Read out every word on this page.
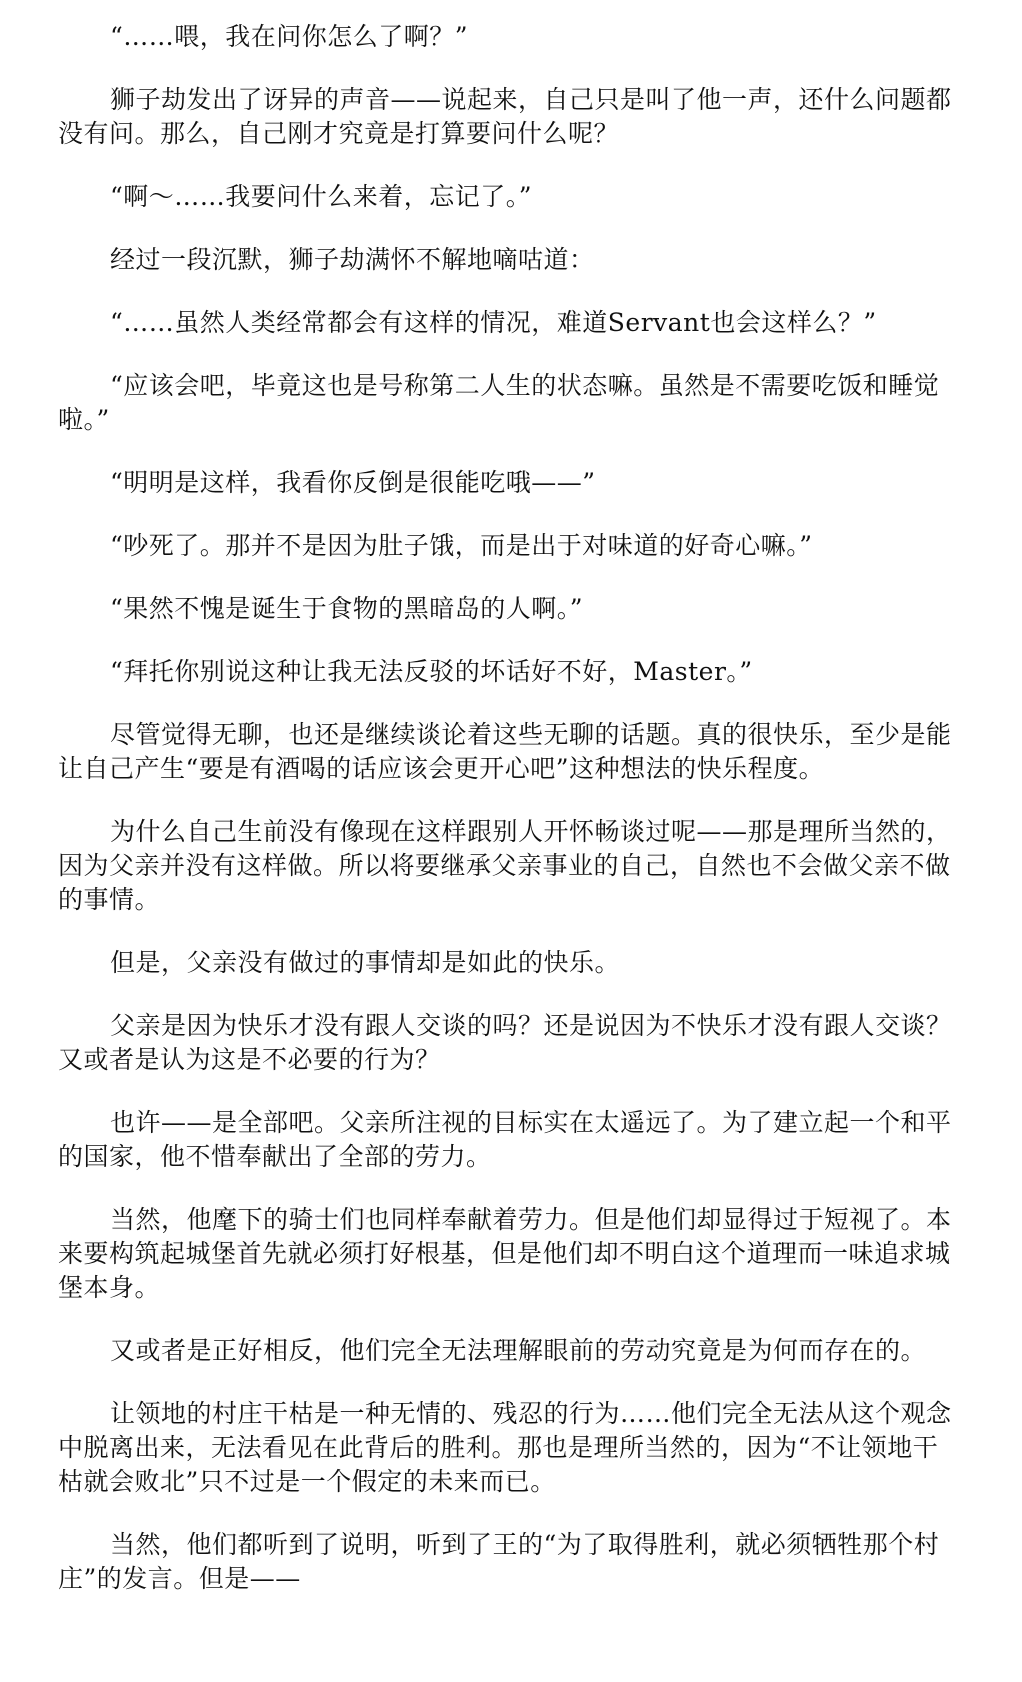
“……喂，我在问你怎么了啊？”

狮子劫发出了讶异的声音——说起来，自己只是叫了他一声，还什么问题都没有问。那么，自己刚才究竟是打算要问什么呢？

“啊～……我要问什么来着，忘记了。”

经过一段沉默，狮子劫满怀不解地嘀咕道：

“……虽然人类经常都会有这样的情况，难道Servant也会这样么？”

“应该会吧，毕竟这也是号称第二人生的状态嘛。虽然是不需要吃饭和睡觉啦。”

“明明是这样，我看你反倒是很能吃哦——”

“吵死了。那并不是因为肚子饿，而是出于对味道的好奇心嘛。”

“果然不愧是诞生于食物的黑暗岛的人啊。”

“拜托你别说这种让我无法反驳的坏话好不好，Master。”

尽管觉得无聊，也还是继续谈论着这些无聊的话题。真的很快乐，至少是能让自己产生“要是有酒喝的话应该会更开心吧”这种想法的快乐程度。

为什么自己生前没有像现在这样跟别人开怀畅谈过呢——那是理所当然的，因为父亲并没有这样做。所以将要继承父亲事业的自己，自然也不会做父亲不做的事情。

但是，父亲没有做过的事情却是如此的快乐。

父亲是因为快乐才没有跟人交谈的吗？还是说因为不快乐才没有跟人交谈？又或者是认为这是不必要的行为？

也许——是全部吧。父亲所注视的目标实在太遥远了。为了建立起一个和平的国家，他不惜奉献出了全部的劳力。

当然，他麾下的骑士们也同样奉献着劳力。但是他们却显得过于短视了。本来要构筑起城堡首先就必须打好根基，但是他们却不明白这个道理而一味追求城堡本身。

又或者是正好相反，他们完全无法理解眼前的劳动究竟是为何而存在的。

让领地的村庄干枯是一种无情的、残忍的行为……他们完全无法从这个观念中脱离出来，无法看见在此背后的胜利。那也是理所当然的，因为“不让领地干枯就会败北”只不过是一个假定的未来而已。

当然，他们都听到了说明，听到了王的“为了取得胜利，就必须牺牲那个村庄”的发言。但是——
